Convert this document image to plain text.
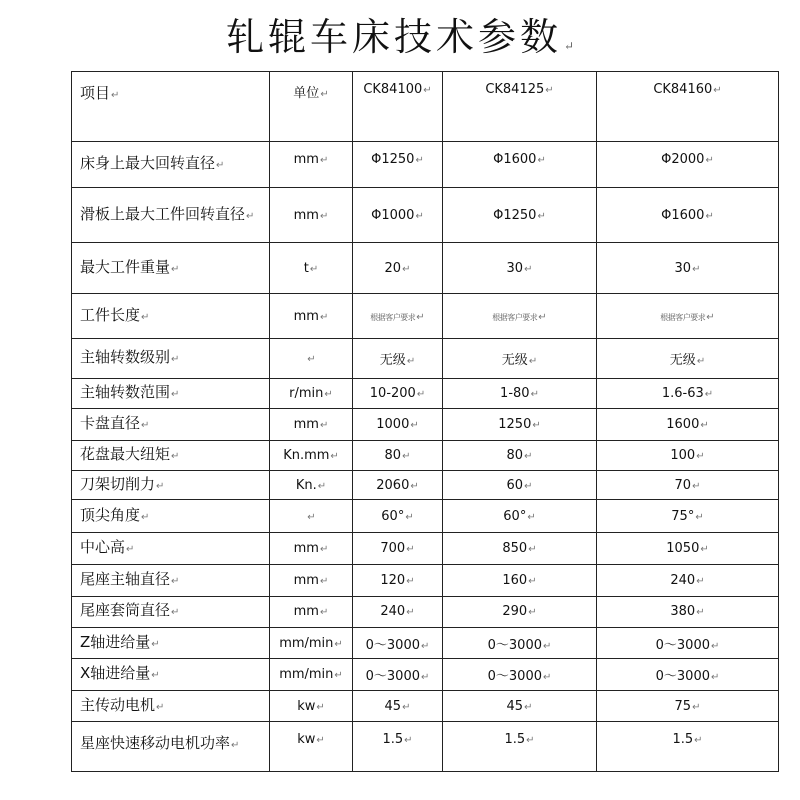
轧辊车床技术参数 ↵
项目↵	单位↵	CK84100↵	CK84125↵	CK84160↵
床身上最大回转直径↵	mm↵	Φ1250↵	Φ1600↵	Φ2000↵
滑板上最大工件回转直径↵	mm↵	Φ1000↵	Φ1250↵	Φ1600↵
最大工件重量↵	t↵	20↵	30↵	30↵
工件长度↵	mm↵	根据客户要求↵	根据客户要求↵	根据客户要求↵
主轴转数级别↵	↵	无级↵	无级↵	无级↵
主轴转数范围↵	r/min↵	10-200↵	1-80↵	1.6-63↵
卡盘直径↵	mm↵	1000↵	1250↵	1600↵
花盘最大纽矩↵	Kn.mm↵	80↵	80↵	100↵
刀架切削力↵	Kn.↵	2060↵	60↵	70↵
顶尖角度↵	↵	60°↵	60°↵	75°↵
中心高↵	mm↵	700↵	850↵	1050↵
尾座主轴直径↵	mm↵	120↵	160↵	240↵
尾座套筒直径↵	mm↵	240↵	290↵	380↵
Z轴进给量↵	mm/min↵	0～3000↵	0～3000↵	0～3000↵
X轴进给量↵	mm/min↵	0～3000↵	0～3000↵	0～3000↵
主传动电机↵	kw↵	45↵	45↵	75↵
星座快速移动电机功率↵	kw↵	1.5↵	1.5↵	1.5↵
